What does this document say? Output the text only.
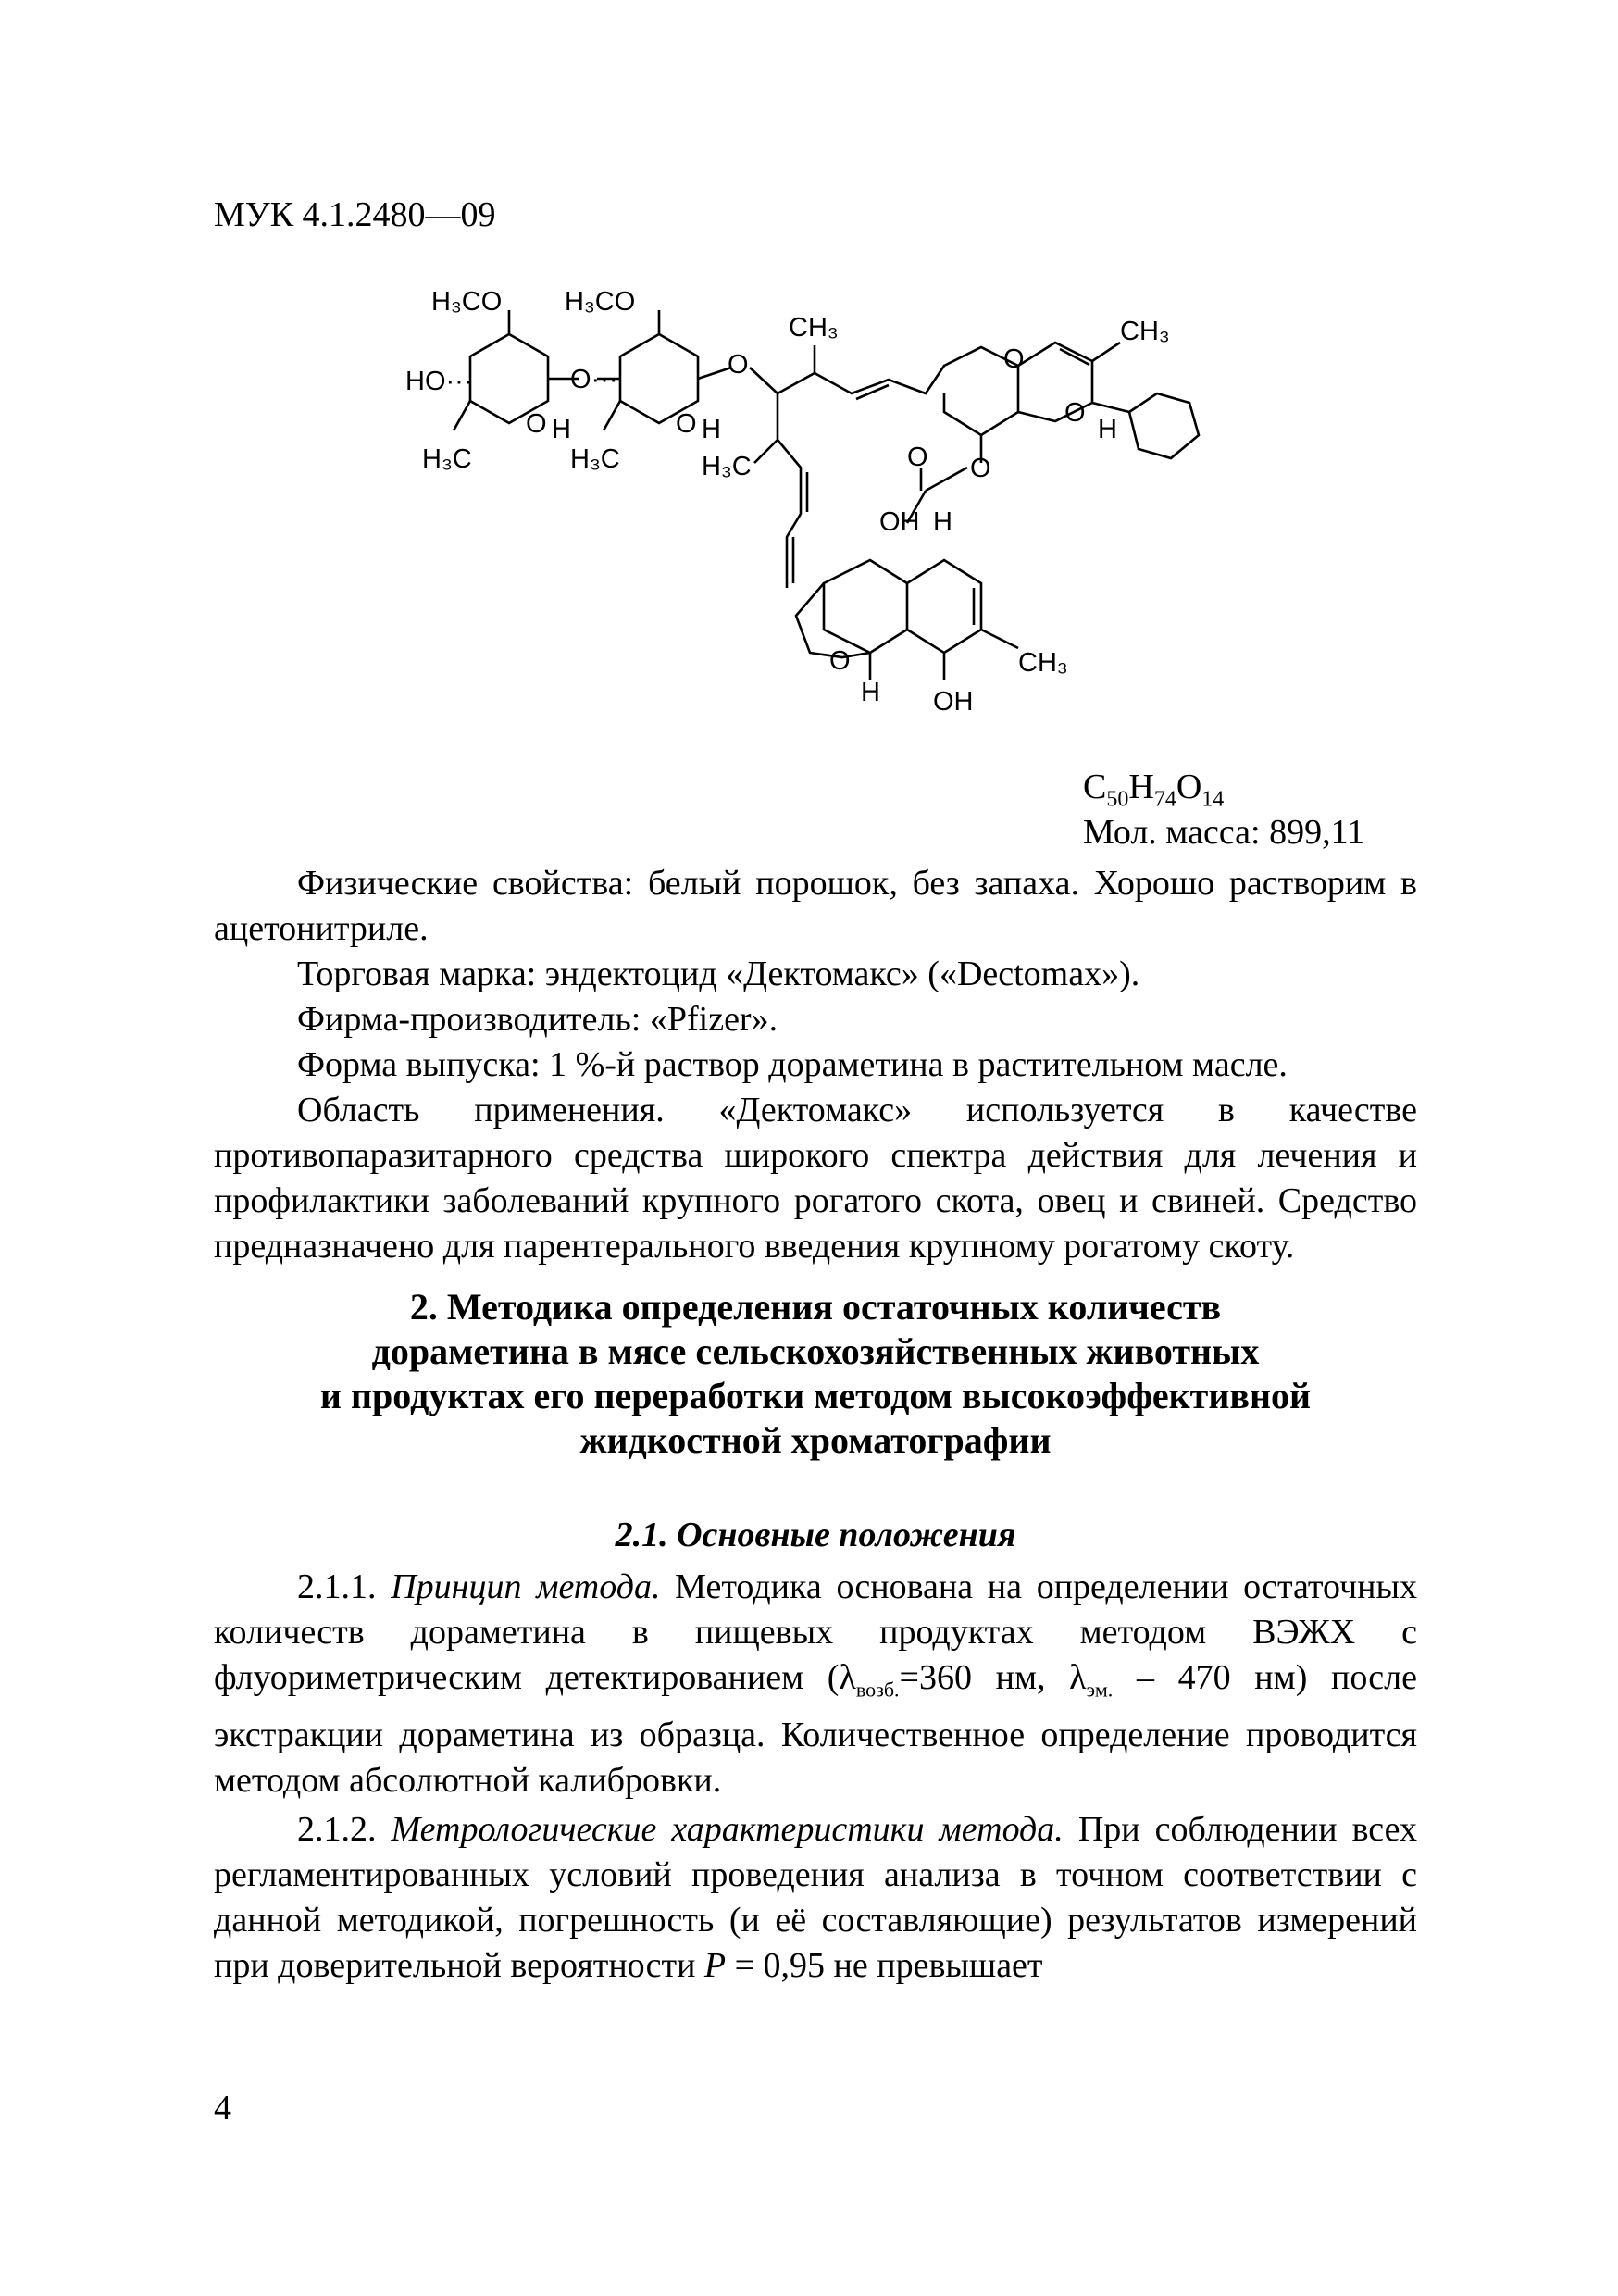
МУК 4.1.2480—09
H₃CO H₃CO
HO···
O H
O···
H₃C	H₃C
O H
O
H₃C
CH₃
O
CH₃
O
H
O O
OH H
O
H
CH₃
OH
$C_{50}H_{74}O_{14}$
Мол. масса: 899,11

Физические свойства: белый порошок, без запаха. Хорошо растворим в ацетонитриле.

Торговая марка: эндектоцид «Дектомакс» («Dectomax»).

Фирма-производитель: «Pfizer».

Форма выпуска: 1 %-й раствор дораметина в растительном масле.

Область применения. «Дектомакс» используется в качестве противопаразитарного средства широкого спектра действия для лечения и профилактики заболеваний крупного рогатого скота, овец и свиней. Средство предназначено для парентерального введения крупному рогатому скоту.

2. Методика определения остаточных количеств
дораметина в мясе сельскохозяйственных животных
и продуктах его переработки методом высокоэффективной
жидкостной хроматографии
2.1. Основные положения

2.1.1. Принцип метода. Методика основана на определении остаточных количеств дораметина в пищевых продуктах методом ВЭЖХ с флуориметрическим детектированием ($\lambda_{возб.}=360$ нм, $\lambda_{эм.} - 470$ нм) после экстракции дораметина из образца. Количественное определение проводится методом абсолютной калибровки.

2.1.2. Метрологические характеристики метода. При соблюдении всех регламентированных условий проведения анализа в точном соответствии с данной методикой, погрешность (и её составляющие) результатов измерений при доверительной вероятности P = 0,95 не превышает

4
